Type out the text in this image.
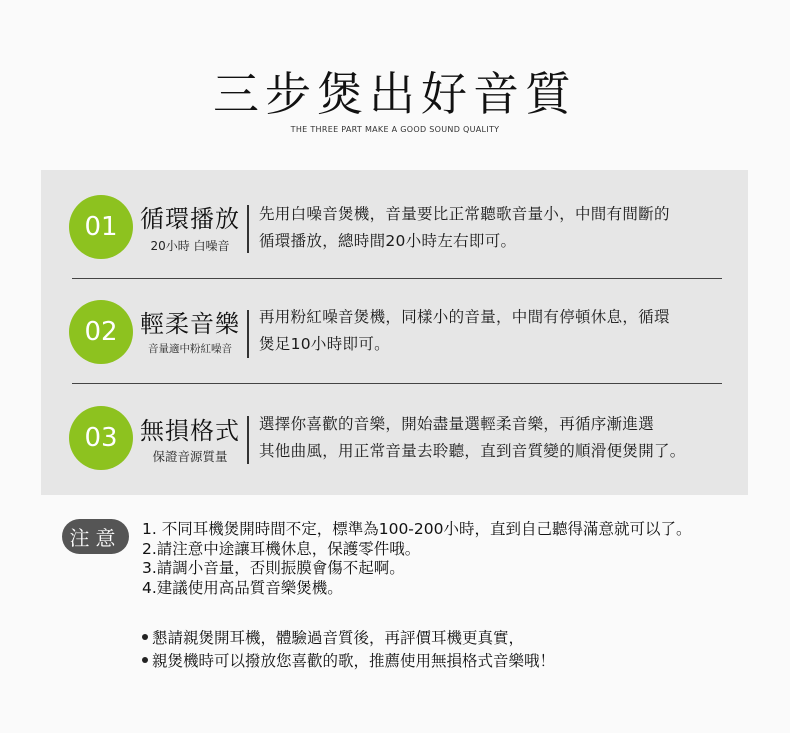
三步煲出好音質
THE THREE PART MAKE A GOOD SOUND QUALITY
01 循環播放
20小時 白噪音
先用白噪音煲機，音量要比正常聽歌音量小，中間有間斷的
循環播放，總時間20小時左右即可。
02 輕柔音樂
音量適中粉紅噪音
再用粉紅噪音煲機，同樣小的音量，中間有停頓休息，循環
煲足10小時即可。
03 無損格式
保證音源質量
選擇你喜歡的音樂，開始盡量選輕柔音樂，再循序漸進選
其他曲風，用正常音量去聆聽，直到音質變的順滑便煲開了。
注意	1. 不同耳機煲開時間不定，標準為100-200小時，直到自己聽得滿意就可以了。
2.請注意中途讓耳機休息，保護零件哦。
3.請調小音量，否則振膜會傷不起啊。
4.建議使用高品質音樂煲機。
懇請親煲開耳機，體驗過音質後，再評價耳機更真實，
親煲機時可以撥放您喜歡的歌，推薦使用無損格式音樂哦！
